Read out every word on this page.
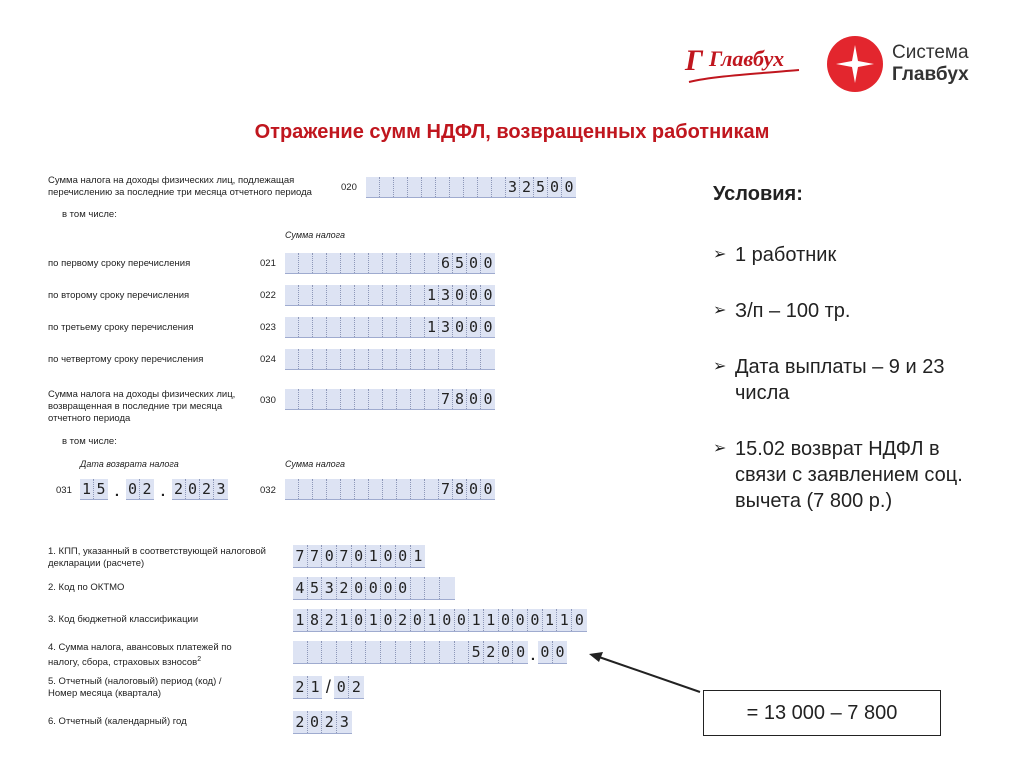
Г Главбух	Система
Главбух
Отражение сумм НДФЛ, возвращенных работникам
Сумма налога на доходы физических лиц, подлежащая
перечислению за последние три месяца отчетного периода	020	3 2 5 0 0
в том числе:
Сумма налога
по первому сроку перечисления	021	6 5 0 0
по второму сроку перечисления	022	1 3 0 0 0
по третьему сроку перечисления	023	1 3 0 0 0
по четвертому сроку перечисления	024
Сумма налога на доходы физических лиц,
возвращенная в последние три месяца
отчетного периода
030	7 8 0 0
в том числе:
Дата возврата налога	Сумма налога
031 1 5 . 0 2 . 2 0 2 3	032	7 8 0 0
1. КПП, указанный в соответствующей налоговой
декларации (расчете)	7 7 0 7 0 1 0 0 1
2. Код по ОКТМО	4 5 3 2 0 0 0 0
3. Код бюджетной классификации	1 8 2 1 0 1 0 2 0 1 0 0 1 1 0 0 0 1 1 0
4. Сумма налога, авансовых платежей по
налогу, сбора, страховых взносов$^2$	5 2 0 0 . 0 0
5. Отчетный (налоговый) период (код) /
Номер месяца (квартала)	2 1 / 0 2
6. Отчетный (календарный) год	2 0 2 3
Условия:
➢ 1 работник
➢ З/п – 100 тр.
➢ Дата выплаты – 9 и 23 числа
➢ 15.02 возврат НДФЛ в связи с заявлением соц. вычета (7 800 р.)
= 13 000 – 7 800
